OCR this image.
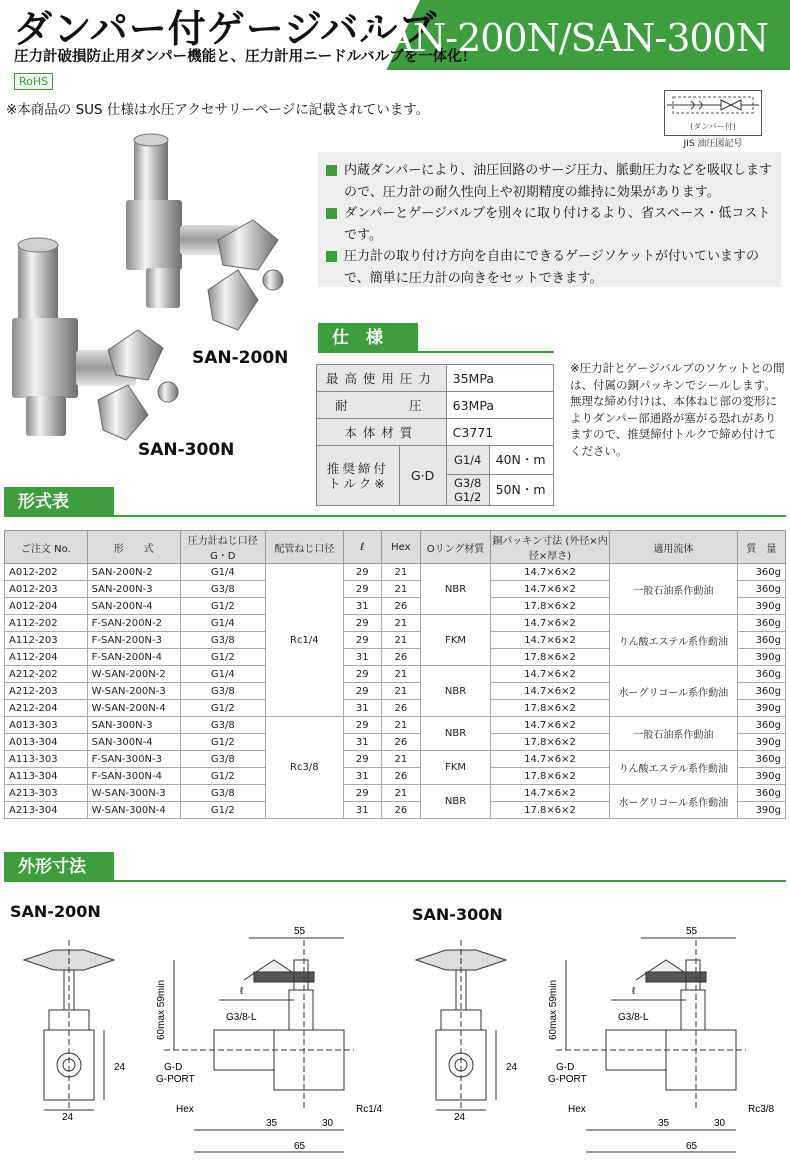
ダンパー付ゲージバルブ
圧力計破損防止用ダンパー機能と、圧力計用ニードルバルブを一体化！
SAN-200N/SAN-300N
RoHS
※本商品の SUS 仕様は水圧アクセサリーページに記載されています。
(ダンパー付)
JIS 油圧図記号
SAN-200N
SAN-300N
内蔵ダンパーにより、油圧回路のサージ圧力、脈動圧力などを吸収しますので、圧力計の耐久性向上や初期精度の維持に効果があります。
ダンパーとゲージバルブを別々に取り付けるより、省スペース・低コストです。
圧力計の取り付け方向を自由にできるゲージソケットが付いていますので、簡単に圧力計の向きをセットできます。
仕　様
最高使用圧力		35MPa
耐　　　圧		63MPa
本体材質		C3771
推奨締付トルク※	G·D	G1/4 40N・m

		G3/8 G1/2 50N・m
※圧力計とゲージバルブのソケットとの間は、付属の銅パッキンでシールします。無理な締め付けは、本体ねじ部の変形によりダンパー部通路が塞がる恐れがありますので、推奨締付トルクで締め付けてください。
形式表
ご注文 No.	形　　式	圧力計ねじ口径 G・D	配管ねじ口径	ℓ	Hex	Oリング材質	銅パッキン寸法 (外径×内径×厚さ)	適用流体	質　量
A012-202	SAN-200N-2	G1/4	Rc1/4	29	21	NBR	14.7×6×2	一般石油系作動油	360g
A012-203	SAN-200N-3	G3/8		29	21		14.7×6×2		360g
A012-204	SAN-200N-4	G1/2		31	26		17.8×6×2		390g
A112-202	F-SAN-200N-2	G1/4		29	21	FKM	14.7×6×2	りん酸エステル系作動油	360g
A112-203	F-SAN-200N-3	G3/8		29	21		14.7×6×2		360g
A112-204	F-SAN-200N-4	G1/2		31	26		17.8×6×2		390g
A212-202	W-SAN-200N-2	G1/4		29	21	NBR	14.7×6×2	水ーグリコール系作動油	360g
A212-203	W-SAN-200N-3	G3/8		29	21		14.7×6×2		360g
A212-204	W-SAN-200N-4	G1/2		31	26		17.8×6×2		390g
A013-303	SAN-300N-3	G3/8	Rc3/8	29	21	NBR	14.7×6×2	一般石油系作動油	360g
A013-304	SAN-300N-4	G1/2		31	26		17.8×6×2		390g
A113-303	F-SAN-300N-3	G3/8		29	21	FKM	14.7×6×2	りん酸エステル系作動油	360g
A113-304	F-SAN-300N-4	G1/2		31	26		17.8×6×2		390g
A213-303	W-SAN-300N-3	G3/8		29	21	NBR	14.7×6×2	水ーグリコール系作動油	360g
A213-304	W-SAN-300N-4	G1/2		31	26		17.8×6×2		390g
外形寸法
SAN-200N	SAN-300N
55
60max 59min	ℓ
G3/8-L
G-D
G-PORT
24
24
Hex
35	30
65
Rc1/4
55
60max 59min	ℓ
G3/8-L
G-D
G-PORT
24
24
Hex
35	30
65
Rc3/8
